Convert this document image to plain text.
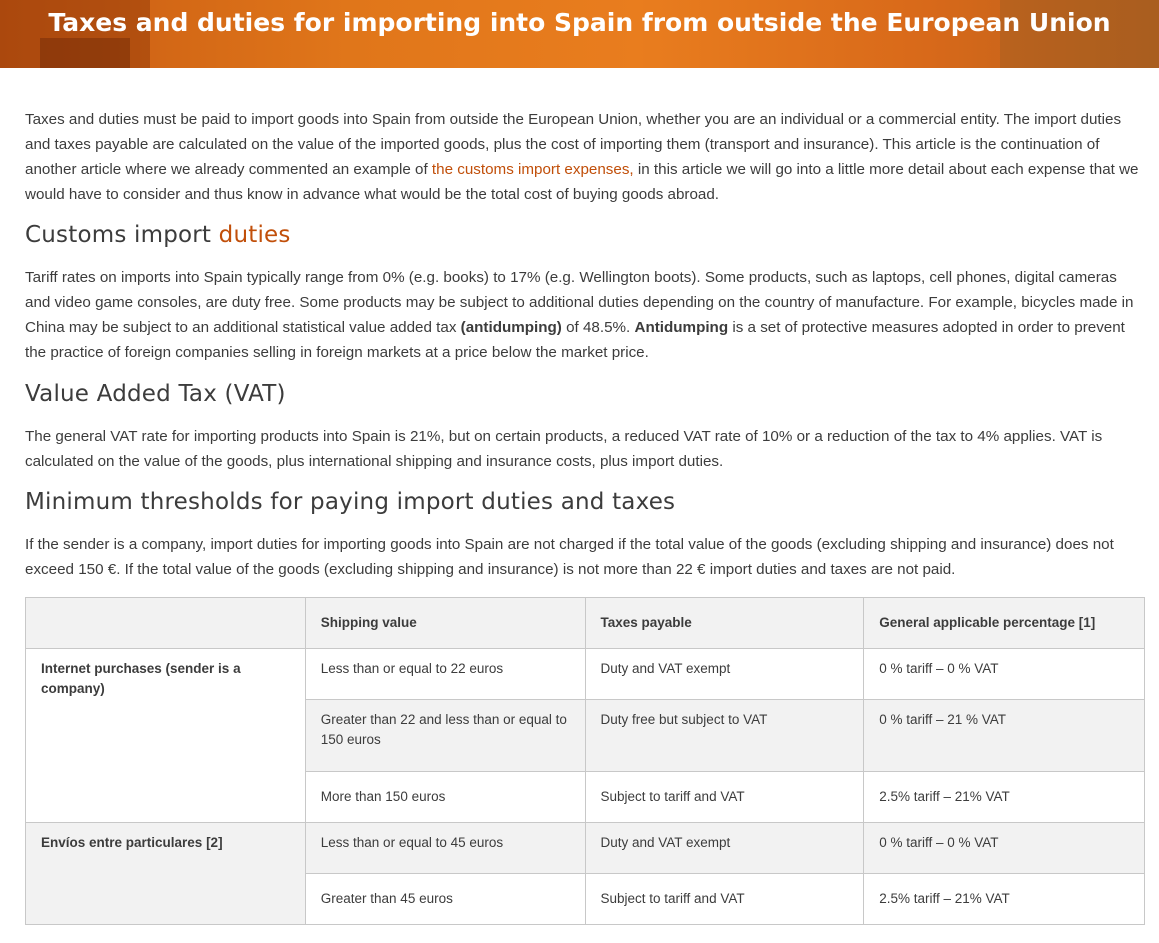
Taxes and duties for importing into Spain from outside the European Union

Taxes and duties must be paid to import goods into Spain from outside the European Union, whether you are an individual or a commercial entity. The import duties and taxes payable are calculated on the value of the imported goods, plus the cost of importing them (transport and insurance). This article is the continuation of another article where we already commented an example of the customs import expenses, in this article we will go into a little more detail about each expense that we would have to consider and thus know in advance what would be the total cost of buying goods abroad.

Customs import duties

Tariff rates on imports into Spain typically range from 0% (e.g. books) to 17% (e.g. Wellington boots). Some products, such as laptops, cell phones, digital cameras and video game consoles, are duty free. Some products may be subject to additional duties depending on the country of manufacture. For example, bicycles made in China may be subject to an additional statistical value added tax (antidumping) of 48.5%. Antidumping is a set of protective measures adopted in order to prevent the practice of foreign companies selling in foreign markets at a price below the market price.

Value Added Tax (VAT)

The general VAT rate for importing products into Spain is 21%, but on certain products, a reduced VAT rate of 10% or a reduction of the tax to 4% applies. VAT is calculated on the value of the goods, plus international shipping and insurance costs, plus import duties.

Minimum thresholds for paying import duties and taxes

If the sender is a company, import duties for importing goods into Spain are not charged if the total value of the goods (excluding shipping and insurance) does not exceed 150 €. If the total value of the goods (excluding shipping and insurance) is not more than 22 € import duties and taxes are not paid.

	Shipping value	Taxes payable	General applicable percentage [1]
Internet purchases (sender is a company)	Less than or equal to 22 euros	Duty and VAT exempt	0 % tariff – 0 % VAT
	Greater than 22 and less than or equal to 150 euros	Duty free but subject to VAT	0 % tariff – 21 % VAT
	More than 150 euros	Subject to tariff and VAT	2.5% tariff – 21% VAT
Envíos entre particulares [2]	Less than or equal to 45 euros	Duty and VAT exempt	0 % tariff – 0 % VAT
	Greater than 45 euros	Subject to tariff and VAT	2.5% tariff – 21% VAT
